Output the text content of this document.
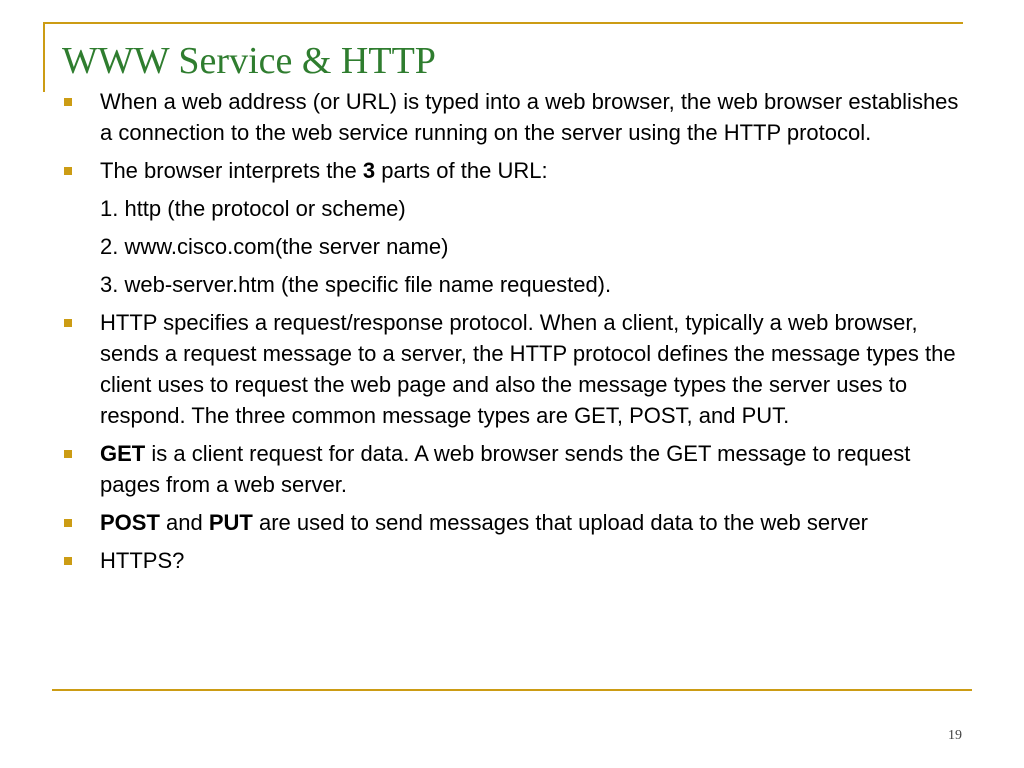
WWW Service & HTTP
When a web address (or URL) is typed into a web browser, the web browser establishes a connection to the web service running on the server using the HTTP protocol.
The browser interprets the 3 parts of the URL:
1. http (the protocol or scheme)
2. www.cisco.com(the server name)
3. web-server.htm (the specific file name requested).
HTTP specifies a request/response protocol. When a client, typically a web browser, sends a request message to a server, the HTTP protocol defines the message types the client uses to request the web page and also the message types the server uses to respond. The three common message types are GET, POST, and PUT.
GET is a client request for data. A web browser sends the GET message to request pages from a web server.
POST and PUT are used to send messages that upload data to the web server
HTTPS?
19
